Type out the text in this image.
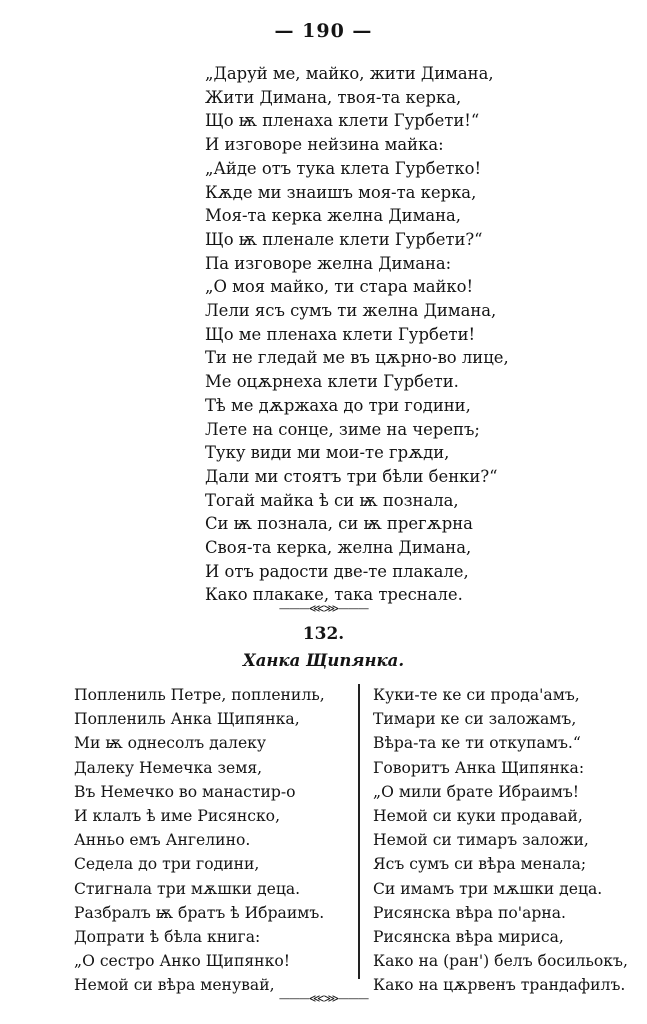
— 190 —
„Даруй ме, майко, жити Димана,
Жити Димана, твоя-та керка,
Що ѭ пленаха клети Гурбети!“
И изговоре нейзина майка:
„Айде отъ тука клета Гурбетко!
Кѫде ми знаишъ моя-та керка,
Моя-та керка желна Димана,
Що ѭ пленале клети Гурбети?“
Па изговоре желна Димана:
„О моя майко, ти стара майко!
Лели ясъ сумъ ти желна Димана,
Що ме пленаха клети Гурбети!
Ти не гледай ме въ цѫрно-во лице,
Ме оцѫрнеха клети Гурбети.
Тѣ ме дѫржаха до три години,
Лете на сонце, зиме на черепъ;
Туку види ми мои-те грѫди,
Дали ми стоятъ три бѣли бенки?“
Тогай майка ѣ си ѭ познала,
Си ѭ познала, си ѭ прегѫрна
Своя-та керка, желна Димана,
И отъ радости две-те плакале,
Како плакаке, така треснале.
———⋘⋙———
132.
Ханка Щипянка.
Поплениль Петре, поплениль,
Поплениль Анка Щипянка,
Ми ѭ однесолъ далеку
Далеку Немечка земя,
Въ Немечко во манастир-о
И клалъ ѣ име Рисянско,
Анньо емъ Ангелино.
Седела до три години,
Стигнала три мѫшки деца.
Разбралъ ѭ братъ ѣ Ибраимъ.
Допрати ѣ бѣла книга:
„О сестро Анко Щипянко!
Немой си вѣра менувай,
Куки-те ке си прода'амъ,
Тимари ке си заложамъ,
Вѣра-та ке ти откупамъ.“
Говоритъ Анка Щипянка:
„О мили брате Ибраимъ!
Немой си куки продавай,
Немой си тимаръ заложи,
Ясъ сумъ си вѣра менала;
Си имамъ три мѫшки деца.
Рисянска вѣра по'арна.
Рисянска вѣра мириса,
Како на (ран') белъ босильокъ,
Како на цѫрвенъ трандафилъ.
———⋘⋙———
